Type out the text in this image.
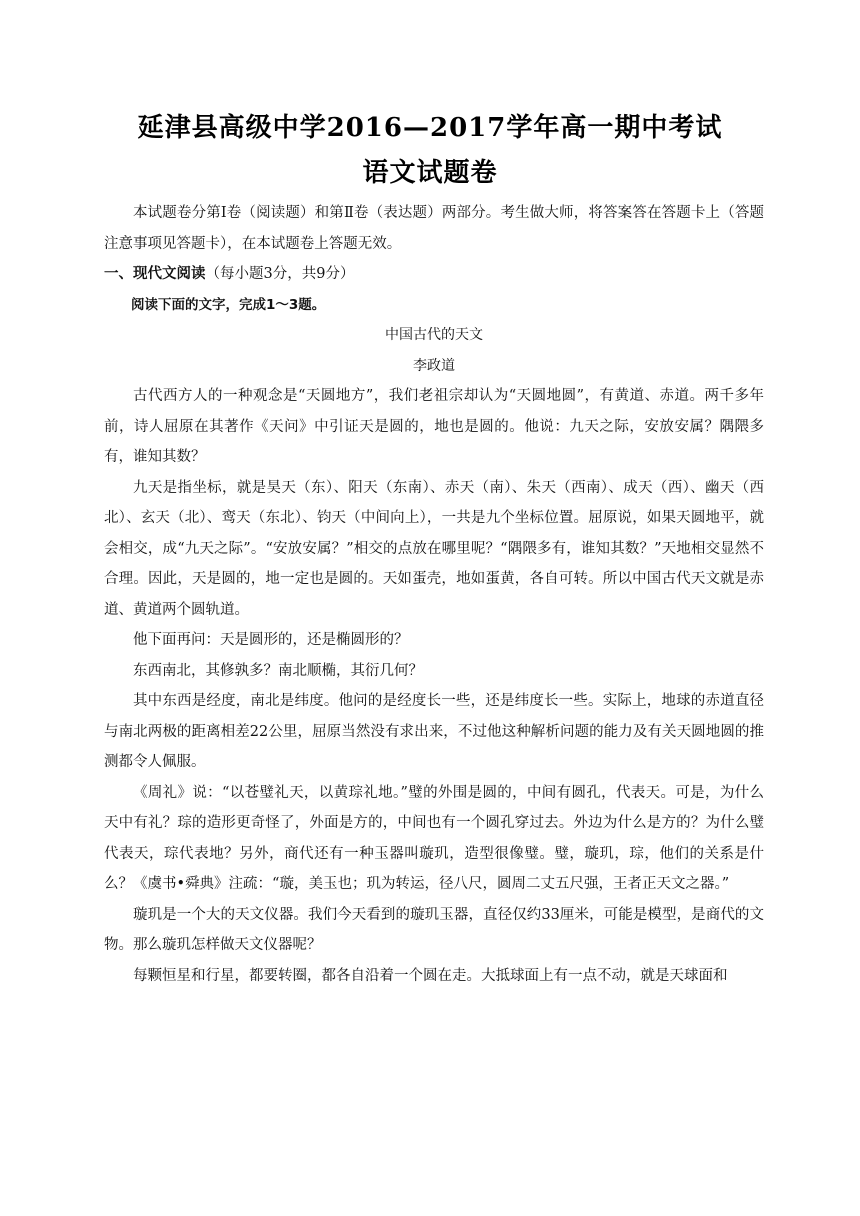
延津县高级中学2016—2017学年高一期中考试
语文试题卷

本试题卷分第Ⅰ卷（阅读题）和第Ⅱ卷（表达题）两部分。考生做大师，将答案答在答题卡上（答题注意事项见答题卡），在本试题卷上答题无效。

一、现代文阅读（每小题3分，共9分）

阅读下面的文字，完成1～3题。

中国古代的天文

李政道

古代西方人的一种观念是“天圆地方”，我们老祖宗却认为“天圆地圆”，有黄道、赤道。两千多年前，诗人屈原在其著作《天问》中引证天是圆的，地也是圆的。他说：九天之际，安放安属？隅隈多有，谁知其数？

九天是指坐标，就是昊天（东）、阳天（东南）、赤天（南）、朱天（西南）、成天（西）、幽天（西北）、玄天（北）、鸾天（东北）、钧天（中间向上），一共是九个坐标位置。屈原说，如果天圆地平，就会相交，成“九天之际”。“安放安属？”相交的点放在哪里呢？“隅隈多有，谁知其数？”天地相交显然不合理。因此，天是圆的，地一定也是圆的。天如蛋壳，地如蛋黄，各自可转。所以中国古代天文就是赤道、黄道两个圆轨道。

他下面再问：天是圆形的，还是椭圆形的？

东西南北，其修孰多？南北顺椭，其衍几何？

其中东西是经度，南北是纬度。他问的是经度长一些，还是纬度长一些。实际上，地球的赤道直径与南北两极的距离相差22公里，屈原当然没有求出来，不过他这种解析问题的能力及有关天圆地圆的推测都令人佩服。

《周礼》说：“以苍璧礼天，以黄琮礼地。”璧的外围是圆的，中间有圆孔，代表天。可是，为什么天中有礼？琮的造形更奇怪了，外面是方的，中间也有一个圆孔穿过去。外边为什么是方的？为什么璧代表天，琮代表地？另外，商代还有一种玉器叫璇玑，造型很像璧。璧，璇玑，琮，他们的关系是什么？《虞书•舜典》注疏：“璇，美玉也；玑为转运，径八尺，圆周二丈五尺强，王者正天文之器。”

璇玑是一个大的天文仪器。我们今天看到的璇玑玉器，直径仅约33厘米，可能是模型，是商代的文物。那么璇玑怎样做天文仪器呢？

每颗恒星和行星，都要转圈，都各自沿着一个圆在走。大抵球面上有一点不动，就是天球面和
